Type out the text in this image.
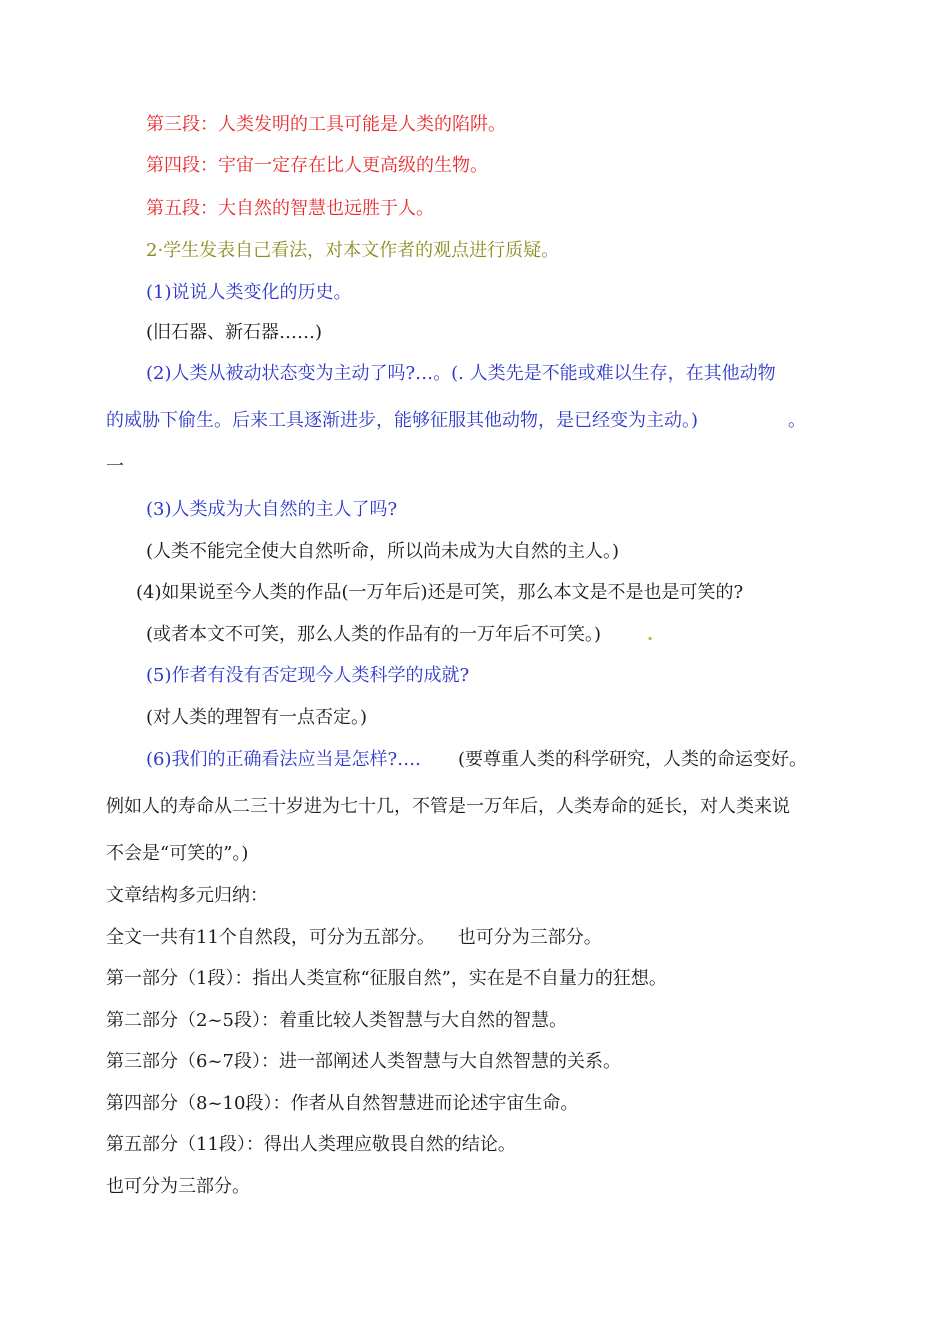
第三段：人类发明的工具可能是人类的陷阱。
第四段：宇宙一定存在比人更高级的生物。
第五段：大自然的智慧也远胜于人。
2·学生发表自己看法，对本文作者的观点进行质疑。
(1)说说人类变化的历史。
(旧石器、新石器……)
(2)人类从被动状态变为主动了吗?…。(. 人类先是不能或难以生存，在其他动物
的威胁下偷生。后来工具逐渐进步，能够征服其他动物，是已经变为主动。)	。
一
(3)人类成为大自然的主人了吗?
(人类不能完全使大自然听命，所以尚未成为大自然的主人。)
(4)如果说至今人类的作品(一万年后)还是可笑，那么本文是不是也是可笑的?
(或者本文不可笑，那么人类的作品有的一万年后不可笑。)	.
(5)作者有没有否定现今人类科学的成就?
(对人类的理智有一点否定。)
(6)我们的正确看法应当是怎样?…. (要尊重人类的科学研究，人类的命运变好。
例如人的寿命从二三十岁进为七十几，不管是一万年后，人类寿命的延长，对人类来说
不会是“可笑的”。)
文章结构多元归纳：
全文一共有11个自然段，可分为五部分。    也可分为三部分。
第一部分（1段）：指出人类宣称“征服自然”，实在是不自量力的狂想。
第二部分（2~5段）：着重比较人类智慧与大自然的智慧。
第三部分（6~7段）：进一部阐述人类智慧与大自然智慧的关系。
第四部分（8~10段）：作者从自然智慧进而论述宇宙生命。
第五部分（11段）：得出人类理应敬畏自然的结论。
也可分为三部分。
